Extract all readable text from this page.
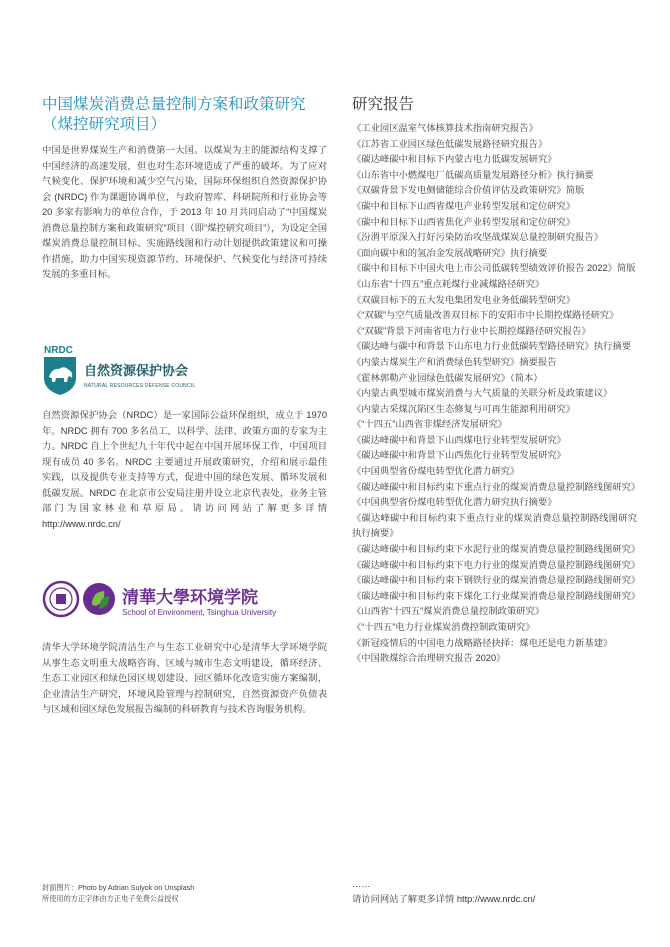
中国煤炭消费总量控制方案和政策研究
（煤控研究项目）

中国是世界煤炭生产和消费第一大国。以煤炭为主的能源结构支撑了中国经济的高速发展，但也对生态环境造成了严重的破坏。为了应对气候变化、保护环境和减少空气污染，国际环保组织自然资源保护协会 (NRDC) 作为课题协调单位，与政府智库、科研院所和行业协会等 20 多家有影响力的单位合作，于 2013 年 10 月共同启动了“中国煤炭消费总量控制方案和政策研究”项目（即“煤控研究项目”），为设定全国煤炭消费总量控制目标、实施路线图和行动计划提供政策建议和可操作措施，助力中国实现资源节约、环境保护、气候变化与经济可持续发展的多重目标。

NRDC
自然资源保护协会
NATURAL RESOURCES DEFENSE COUNCIL

自然资源保护协会（NRDC）是一家国际公益环保组织，成立于 1970 年。NRDC 拥有 700 多名员工，以科学、法律、政策方面的专家为主力。NRDC 自上个世纪九十年代中起在中国开展环保工作，中国项目现有成员 40 多名。NRDC 主要通过开展政策研究，介绍和展示最佳实践，以及提供专业支持等方式，促进中国的绿色发展、循环发展和低碳发展。NRDC 在北京市公安局注册并设立北京代表处，业务主管部门为国家林业和草原局。请访问网站了解更多详情 http://www.nrdc.cn/

清華大學环境学院
School of Environment, Tsinghua University

清华大学环境学院清洁生产与生态工业研究中心是清华大学环境学院从事生态文明重大战略咨询、区域与城市生态文明建设，循环经济、生态工业园区和绿色园区规划建设、园区循环化改造实施方案编制，企业清洁生产研究，环境风险管理与控制研究，自然资源资产负债表与区域和园区绿色发展报告编制的科研教育与技术咨询服务机构。

研究报告
《工业园区温室气体核算技术指南研究报告》
《江苏省工业园区绿色低碳发展路径研究报告》
《碳达峰碳中和目标下内蒙古电力低碳发展研究》
《山东省中小燃煤电厂低碳高质量发展路径分析》执行摘要
《双碳背景下发电侧储能综合价值评估及政策研究》简版
《碳中和目标下山西省煤电产业转型发展和定位研究》
《碳中和目标下山西省焦化产业转型发展和定位研究》
《汾渭平原深入打好污染防治攻坚战煤炭总量控制研究报告》
《面向碳中和的氢冶金发展战略研究》执行摘要
《碳中和目标下中国火电上市公司低碳转型绩效评价报告 2022》简版
《山东省“十四五”重点耗煤行业减煤路径研究》
《双碳目标下的五大发电集团发电业务低碳转型研究》
《“双碳”与空气质量改善双目标下的安阳市中长期控煤路径研究》
《“双碳”背景下河南省电力行业中长期控煤路径研究报告》
《碳达峰与碳中和背景下山东电力行业低碳转型路径研究》执行摘要
《内蒙古煤炭生产和消费绿色转型研究》摘要报告
《霍林郭勒产业园绿色低碳发展研究》（简本）
《内蒙古典型城市煤炭消费与大气质量的关联分析及政策建议》
《内蒙古采煤沉陷区生态修复与可再生能源利用研究》
《“十四五”山西省非煤经济发展研究》
《碳达峰碳中和背景下山西煤电行业转型发展研究》
《碳达峰碳中和背景下山西焦化行业转型发展研究》
《中国典型省份煤电转型优化潜力研究》
《碳达峰碳中和目标约束下重点行业的煤炭消费总量控制路线图研究》
《中国典型省份煤电转型优化潜力研究执行摘要》
《碳达峰碳中和目标约束下重点行业的煤炭消费总量控制路线图研究执行摘要》
《碳达峰碳中和目标约束下水泥行业的煤炭消费总量控制路线图研究》
《碳达峰碳中和目标约束下电力行业的煤炭消费总量控制路线图研究》
《碳达峰碳中和目标约束下钢铁行业的煤炭消费总量控制路线图研究》
《碳达峰碳中和目标约束下煤化工行业煤炭消费总量控制路线图研究》
《山西省“十四五”煤炭消费总量控制政策研究》
《“十四五”电力行业煤炭消费控制政策研究》
《新冠疫情后的中国电力战略路径抉择：煤电还是电力新基建》
《中国散煤综合治理研究报告 2020》
……
请访问网站了解更多详情 http://www.nrdc.cn/
封面图片：Photo by Adrian Sulyok on Unsplash
所使用的方正字体由方正电子免费公益授权
